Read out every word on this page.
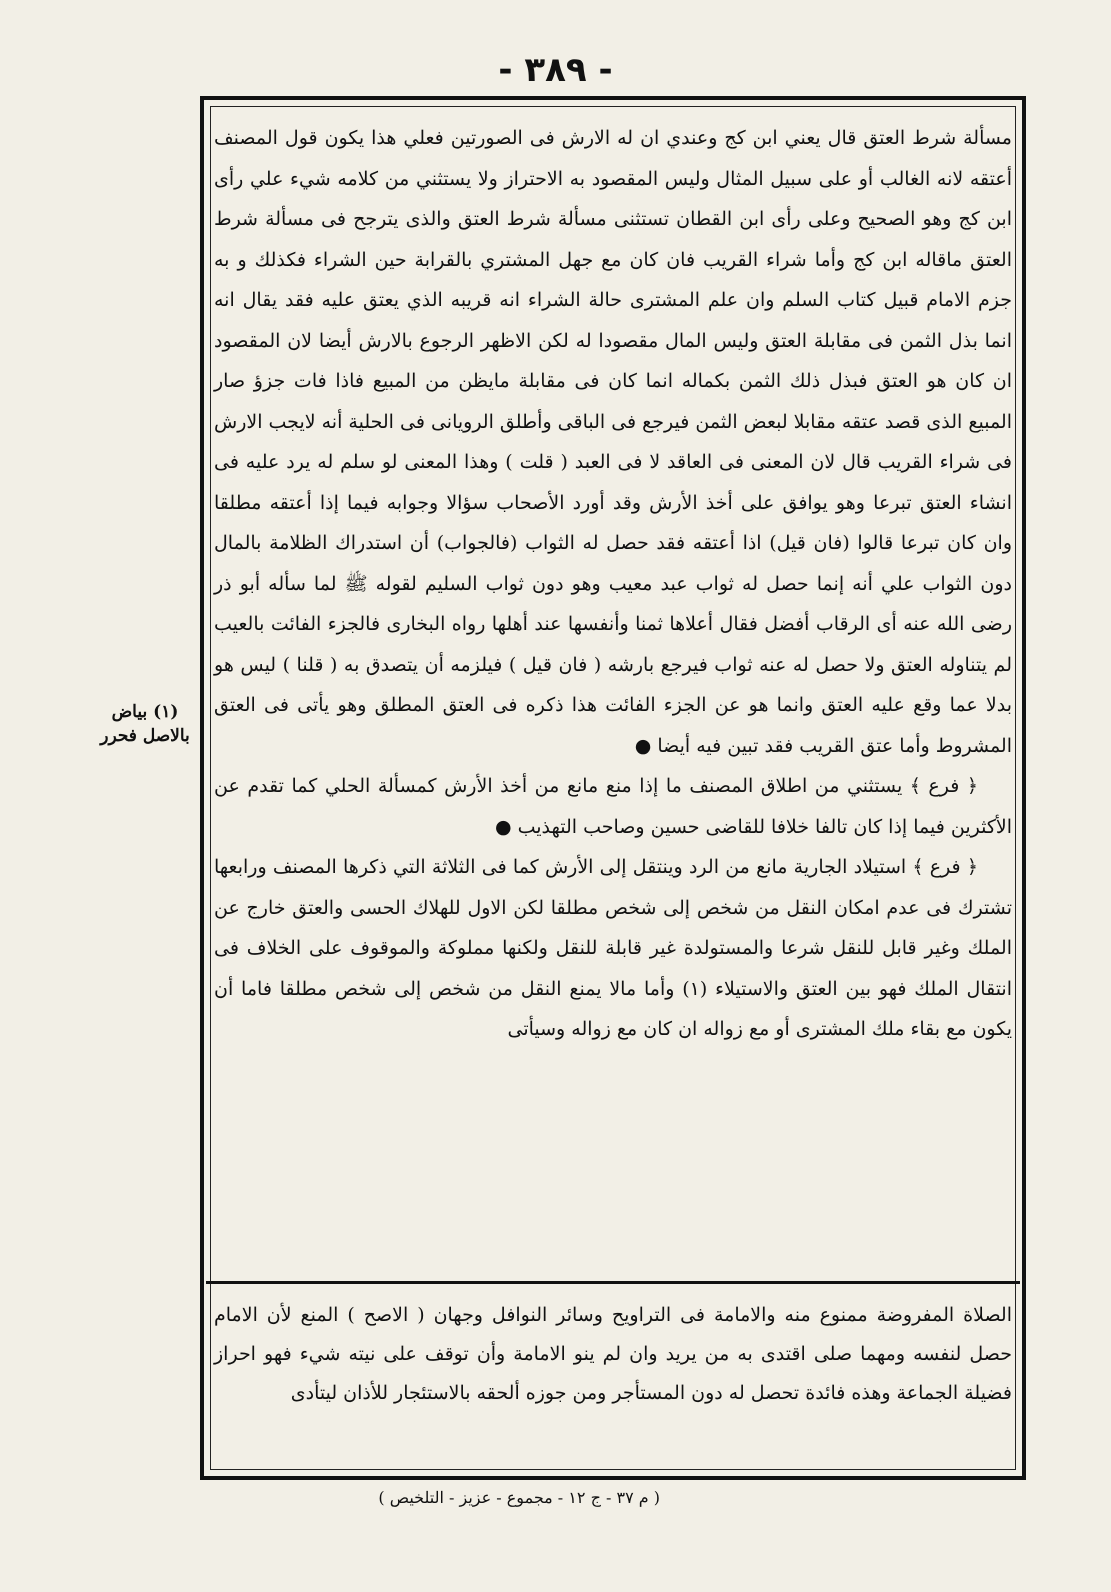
- ٣٨٩ -

مسألة شرط العتق قال يعني ابن كج وعندي ان له الارش فى الصورتين فعلي هذا يكون قول المصنف أعتقه لانه الغالب أو على سبيل المثال وليس المقصود به الاحتراز ولا يستثني من كلامه شيء علي رأى ابن كج وهو الصحيح وعلى رأى ابن القطان تستثنى مسألة شرط العتق والذى يترجح فى مسألة شرط العتق ماقاله ابن كج وأما شراء القريب فان كان مع جهل المشتري بالقرابة حين الشراء فكذلك و به جزم الامام قبيل كتاب السلم وان علم المشترى حالة الشراء انه قريبه الذي يعتق عليه فقد يقال انه انما بذل الثمن فى مقابلة العتق وليس المال مقصودا له لكن الاظهر الرجوع بالارش أيضا لان المقصود ان كان هو العتق فبذل ذلك الثمن بكماله انما كان فى مقابلة مايظن من المبيع فاذا فات جزؤ صار المبيع الذى قصد عتقه مقابلا لبعض الثمن فيرجع فى الباقى وأطلق الرويانى فى الحلية أنه لايجب الارش فى شراء القريب قال لان المعنى فى العاقد لا فى العبد ( قلت ) وهذا المعنى لو سلم له يرد عليه فى انشاء العتق تبرعا وهو يوافق على أخذ الأرش وقد أورد الأصحاب سؤالا وجوابه فيما إذا أعتقه مطلقا وان كان تبرعا قالوا (فان قيل) اذا أعتقه فقد حصل له الثواب (فالجواب) أن استدراك الظلامة بالمال دون الثواب علي أنه إنما حصل له ثواب عبد معيب وهو دون ثواب السليم لقوله ﷺ لما سأله أبو ذر رضى الله عنه أى الرقاب أفضل فقال أعلاها ثمنا وأنفسها عند أهلها رواه البخارى فالجزء الفائت بالعيب لم يتناوله العتق ولا حصل له عنه ثواب فيرجع بارشه ( فان قيل ) فيلزمه أن يتصدق به ( قلنا ) ليس هو بدلا عما وقع عليه العتق وانما هو عن الجزء الفائت هذا ذكره فى العتق المطلق وهو يأتى فى العتق المشروط وأما عتق القريب فقد تبين فيه أيضا ●

﴿ فرع ﴾ يستثني من اطلاق المصنف ما إذا منع مانع من أخذ الأرش كمسألة الحلي كما تقدم عن الأكثرين فيما إذا كان تالفا خلافا للقاضى حسين وصاحب التهذيب ●

﴿ فرع ﴾ استيلاد الجارية مانع من الرد وينتقل إلى الأرش كما فى الثلاثة التي ذكرها المصنف ورابعها تشترك فى عدم امكان النقل من شخص إلى شخص مطلقا لكن الاول للهلاك الحسى والعتق خارج عن الملك وغير قابل للنقل شرعا والمستولدة غير قابلة للنقل ولكنها مملوكة والموقوف على الخلاف فى انتقال الملك فهو بين العتق والاستيلاء (١) وأما مالا يمنع النقل من شخص إلى شخص مطلقا فاما أن يكون مع بقاء ملك المشترى أو مع زواله ان كان مع زواله وسيأتى

الصلاة المفروضة ممنوع منه والامامة فى التراويح وسائر النوافل وجهان ( الاصح ) المنع لأن الامام حصل لنفسه ومهما صلى اقتدى به من يريد وان لم ينو الامامة وأن توقف على نيته شيء فهو احراز فضيلة الجماعة وهذه فائدة تحصل له دون المستأجر ومن جوزه ألحقه بالاستئجار للأذان ليتأدى

(١) بياض
بالاصل فحرر
( م ٣٧ - ج ١٢ - مجموع - عزيز - التلخيص )
